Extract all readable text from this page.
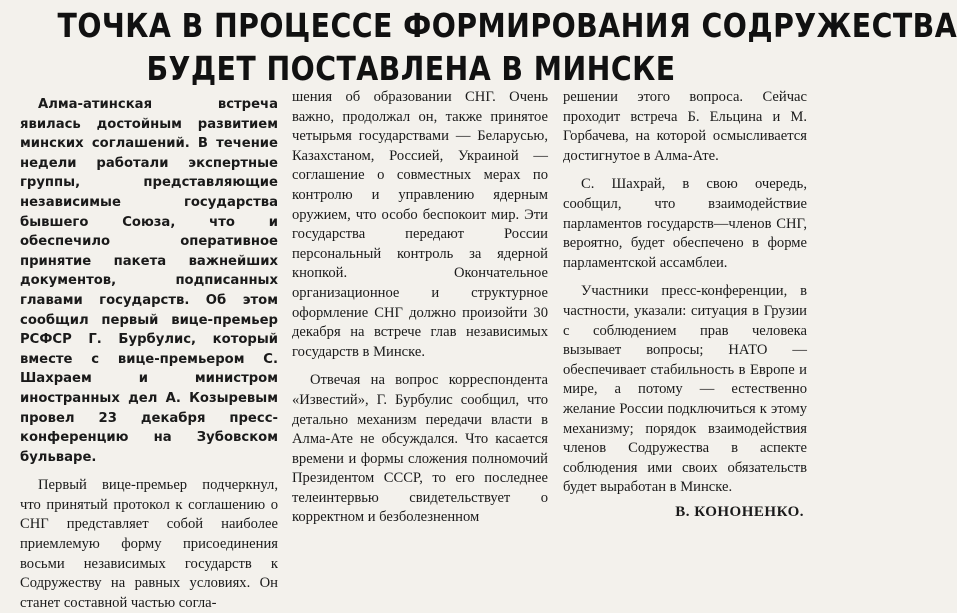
ТОЧКА В ПРОЦЕССЕ ФОРМИРОВАНИЯ СОДРУЖЕСТВА
БУДЕТ ПОСТАВЛЕНА В МИНСКЕ

Алма-атинская встреча явилась достойным развитием минских соглашений. В течение недели работали экспертные группы, представляющие независимые государства бывшего Союза, что и обеспечило оперативное принятие пакета важнейших документов, подписанных главами государств. Об этом сообщил первый вице-премьер РСФСР Г. Бурбулис, который вместе с вице-премьером С. Шахраем и министром иностранных дел А. Козыревым провел 23 декабря пресс-конференцию на Зубовском бульваре.

Первый вице-премьер подчеркнул, что принятый протокол к соглашению о СНГ представляет собой наиболее приемлемую форму присоединения восьми независимых государств к Содружеству на равных условиях. Он станет составной частью согла-

шения об образовании СНГ. Очень важно, продолжал он, также принятое четырьмя государствами — Беларусью, Казахстаном, Россией, Украиной — соглашение о совместных мерах по контролю и управлению ядерным оружием, что особо беспокоит мир. Эти государства передают России персональный контроль за ядерной кнопкой. Окончательное организационное и структурное оформление СНГ должно произойти 30 декабря на встрече глав независимых государств в Минске.

Отвечая на вопрос корреспондента «Известий», Г. Бурбулис сообщил, что детально механизм передачи власти в Алма-Ате не обсуждался. Что касается времени и формы сложения полномочий Президентом СССР, то его последнее телеинтервью свидетельствует о корректном и безболезненном

решении этого вопроса. Сейчас проходит встреча Б. Ельцина и М. Горбачева, на которой осмысливается достигнутое в Алма-Ате.

С. Шахрай, в свою очередь, сообщил, что взаимодействие парламентов государств—членов СНГ, вероятно, будет обеспечено в форме парламентской ассамблеи.

Участники пресс-конференции, в частности, указали: ситуация в Грузии с соблюдением прав человека вызывает вопросы; НАТО — обеспечивает стабильность в Европе и мире, а потому — естественно желание России подключиться к этому механизму; порядок взаимодействия членов Содружества в аспекте соблюдения ими своих обязательств будет выработан в Минске.

В. КОНОНЕНКО.
